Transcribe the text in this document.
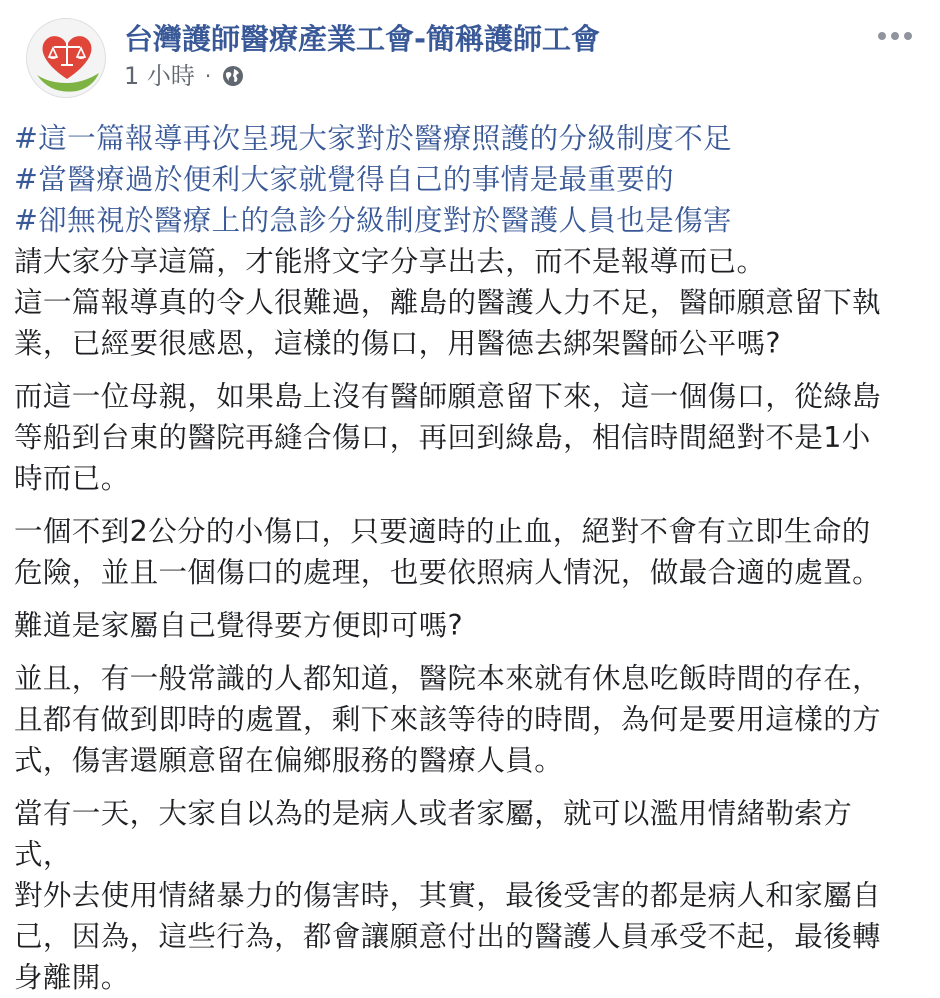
台灣護師醫療產業工會-簡稱護師工會
1 小時 ·
#這一篇報導再次呈現大家對於醫療照護的分級制度不足
#當醫療過於便利大家就覺得自己的事情是最重要的
#卻無視於醫療上的急診分級制度對於醫護人員也是傷害
請大家分享這篇，才能將文字分享出去，而不是報導而已。
這一篇報導真的令人很難過，離島的醫護人力不足，醫師願意留下執
業，已經要很感恩，這樣的傷口，用醫德去綁架醫師公平嗎?
而這一位母親，如果島上沒有醫師願意留下來，這一個傷口，從綠島
等船到台東的醫院再縫合傷口，再回到綠島，相信時間絕對不是1小
時而已。
一個不到2公分的小傷口，只要適時的止血，絕對不會有立即生命的
危險，並且一個傷口的處理，也要依照病人情況，做最合適的處置。
難道是家屬自己覺得要方便即可嗎?
並且，有一般常識的人都知道，醫院本來就有休息吃飯時間的存在，
且都有做到即時的處置，剩下來該等待的時間，為何是要用這樣的方
式，傷害還願意留在偏鄉服務的醫療人員。
當有一天，大家自以為的是病人或者家屬，就可以濫用情緒勒索方
式，
對外去使用情緒暴力的傷害時，其實，最後受害的都是病人和家屬自
己，因為，這些行為，都會讓願意付出的醫護人員承受不起，最後轉
身離開。
